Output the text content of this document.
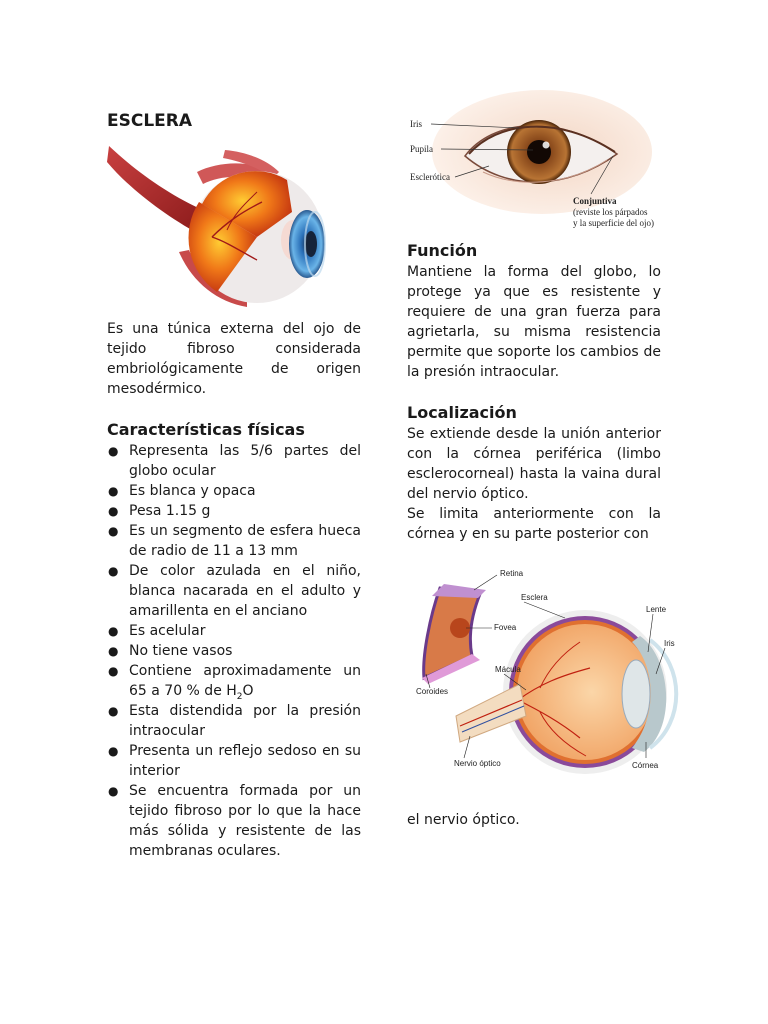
ESCLERA

Es una túnica externa del ojo de tejido fibroso considerada embriológicamente de origen mesodérmico.

Características físicas
● Representa las 5/6 partes del globo ocular
● Es blanca y opaca
● Pesa 1.15 g
● Es un segmento de esfera hueca de radio de 11 a 13 mm
● De color azulada en el niño, blanca nacarada en el adulto y amarillenta en el anciano
● Es acelular
● No tiene vasos
● Contiene aproximadamente un 65 a 70 % de $H_2O$
● Esta distendida por la presión intraocular
● Presenta un reflejo sedoso en su interior
● Se encuentra formada por un tejido fibroso por lo que la hace más sólida y resistente de las membranas oculares.
Iris
Pupila
Esclerótica
Conjuntiva
(reviste los párpados
y la superficie del ojo)
Función

Mantiene la forma del globo, lo protege ya que es resistente y requiere de una gran fuerza para agrietarla, su misma resistencia permite que soporte los cambios de la presión intraocular.

Localización

Se extiende desde la unión anterior con la córnea periférica (limbo esclerocorneal) hasta la vaina dural del nervio óptico.

Se limita anteriormente con la córnea y en su parte posterior con

Retina
Esclera
Lente
Fovea
Iris
Mácula
Coroides
Nervio óptico	Córnea

el nervio óptico.
